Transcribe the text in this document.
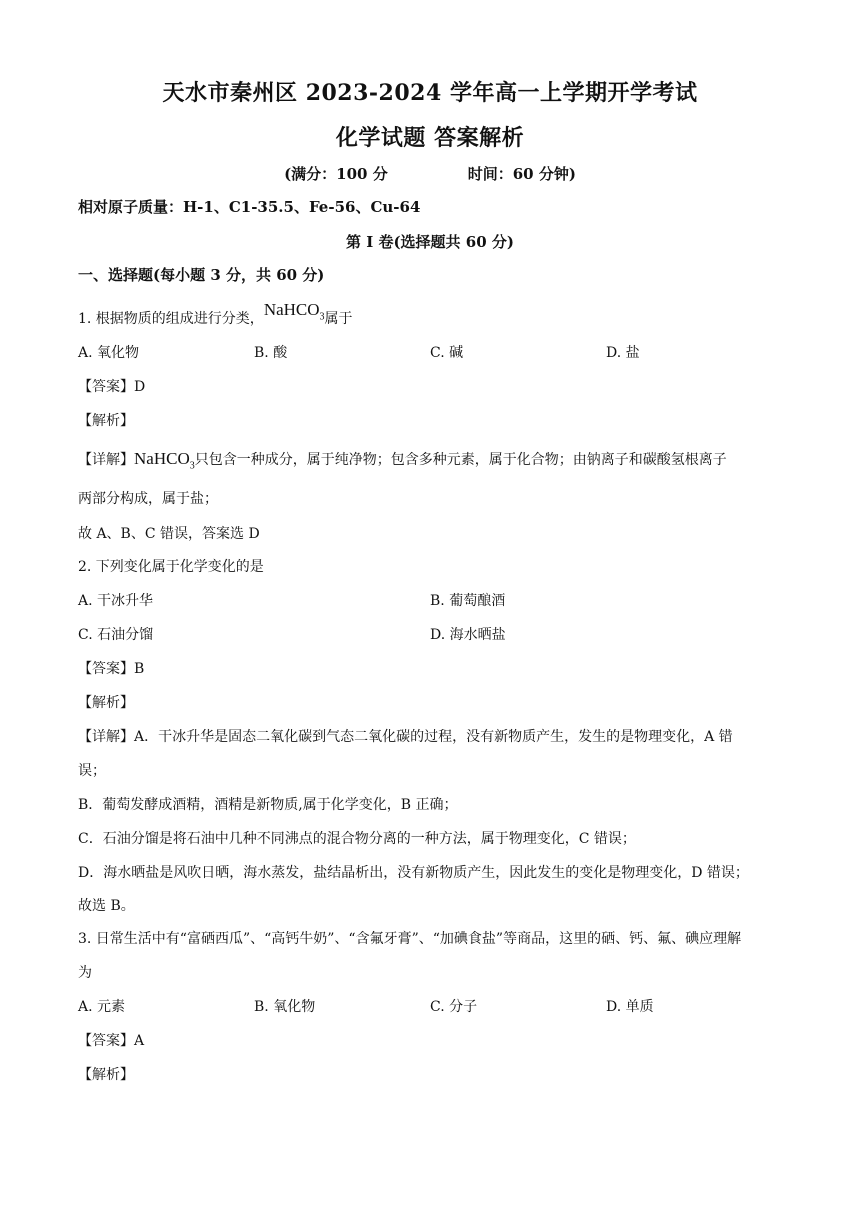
天水市秦州区 2023-2024 学年高一上学期开学考试
化学试题 答案解析
(满分：100 分	时间：60 分钟)
相对原子质量：H-1、C1-35.5、Fe-56、Cu-64
第 I 卷(选择题共 60 分)
一、选择题(每小题 3 分，共 60 分)
1. 根据物质的组成进行分类，NaHCO$_3$属于
A. 氧化物	B. 酸	C. 碱	D. 盐
【答案】D
【解析】
【详解】NaHCO$_3$只包含一种成分，属于纯净物；包含多种元素，属于化合物；由钠离子和碳酸氢根离子
两部分构成，属于盐；
故 A、B、C 错误，答案选 D
2. 下列变化属于化学变化的是
A. 干冰升华	B. 葡萄酿酒
C. 石油分馏	D. 海水晒盐
【答案】B
【解析】
【详解】A．干冰升华是固态二氧化碳到气态二氧化碳的过程，没有新物质产生，发生的是物理变化，A 错
误；
B．葡萄发酵成酒精，酒精是新物质,属于化学变化，B 正确；
C．石油分馏是将石油中几种不同沸点的混合物分离的一种方法，属于物理变化，C 错误；
D．海水晒盐是风吹日晒，海水蒸发，盐结晶析出，没有新物质产生，因此发生的变化是物理变化，D 错误；
故选 B。
3. 日常生活中有“富硒西瓜”、“高钙牛奶”、“含氟牙膏”、“加碘食盐”等商品，这里的硒、钙、氟、碘应理解
为
A. 元素	B. 氧化物	C. 分子	D. 单质
【答案】A
【解析】
